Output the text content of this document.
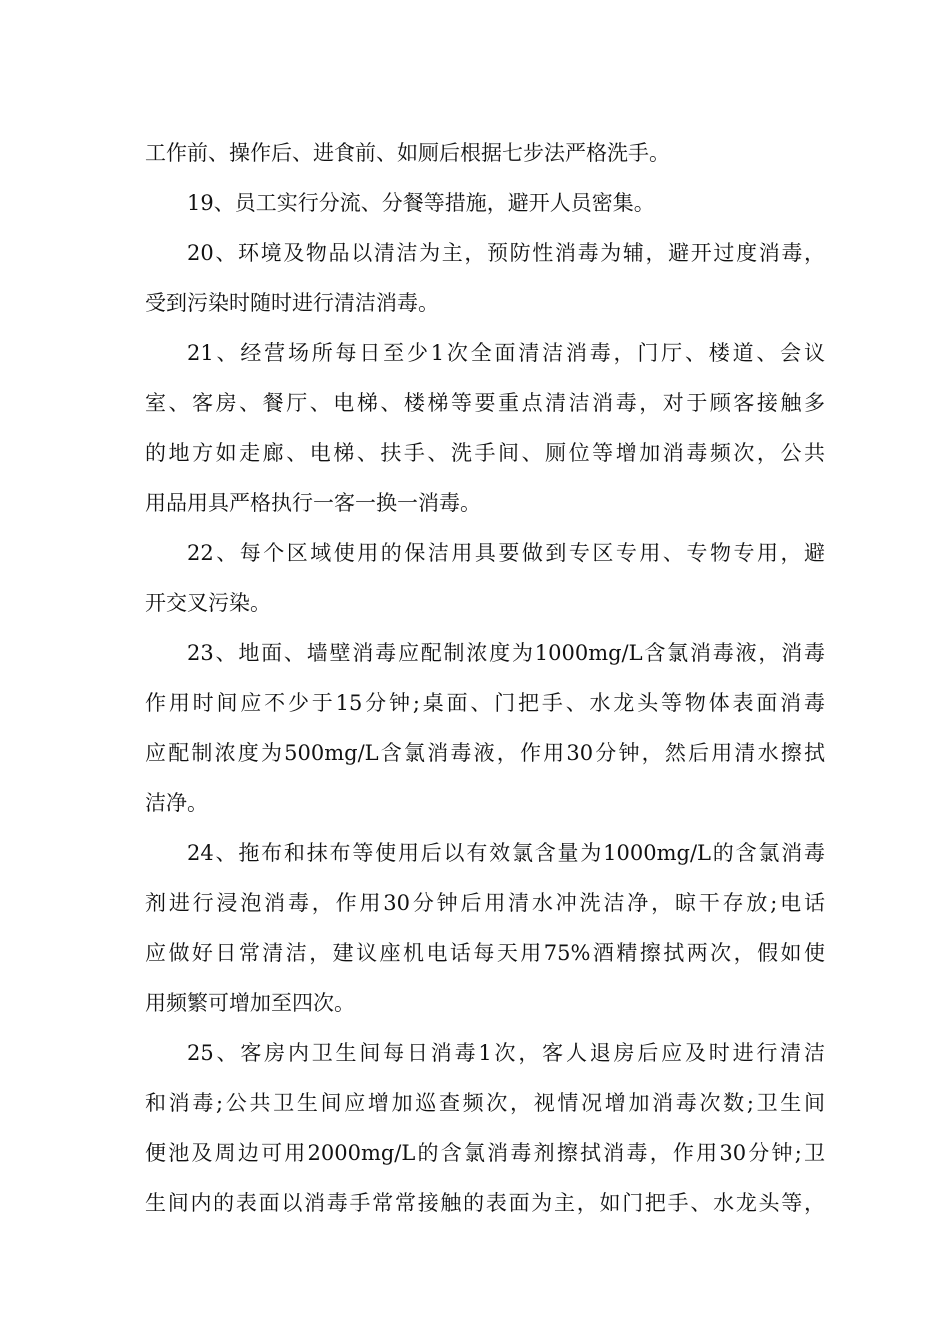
工作前、操作后、进食前、如厕后根据七步法严格洗手。
19、员工实行分流、分餐等措施，避开人员密集。
20、环境及物品以清洁为主，预防性消毒为辅，避开过度消毒，
受到污染时随时进行清洁消毒。
21、经营场所每日至少1次全面清洁消毒，门厅、楼道、会议
室、客房、餐厅、电梯、楼梯等要重点清洁消毒，对于顾客接触多
的地方如走廊、电梯、扶手、洗手间、厕位等增加消毒频次，公共
用品用具严格执行一客一换一消毒。
22、每个区域使用的保洁用具要做到专区专用、专物专用，避
开交叉污染。
23、地面、墙壁消毒应配制浓度为1000mg/L含氯消毒液，消毒
作用时间应不少于15分钟;桌面、门把手、水龙头等物体表面消毒
应配制浓度为500mg/L含氯消毒液，作用30分钟，然后用清水擦拭
洁净。
24、拖布和抹布等使用后以有效氯含量为1000mg/L的含氯消毒
剂进行浸泡消毒，作用30分钟后用清水冲洗洁净，晾干存放;电话
应做好日常清洁，建议座机电话每天用75%酒精擦拭两次，假如使
用频繁可增加至四次。
25、客房内卫生间每日消毒1次，客人退房后应及时进行清洁
和消毒;公共卫生间应增加巡查频次，视情况增加消毒次数;卫生间
便池及周边可用2000mg/L的含氯消毒剂擦拭消毒，作用30分钟;卫
生间内的表面以消毒手常常接触的表面为主，如门把手、水龙头等，
